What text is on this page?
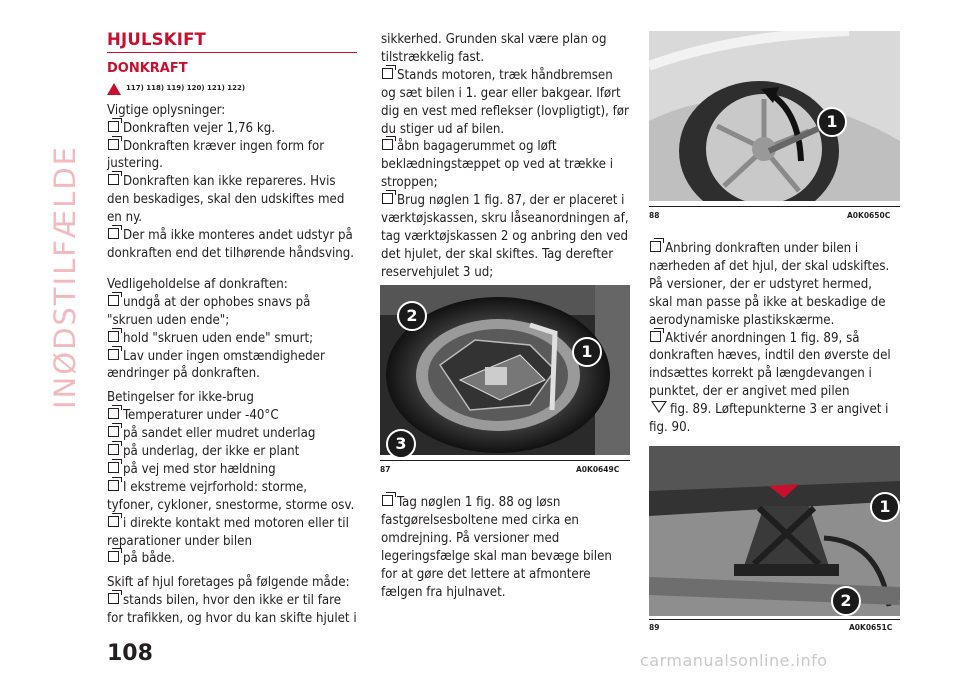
INØDSTILFÆLDE
HJULSKIFT
DONKRAFT
117) 118) 119) 120) 121) 122)

Vigtige oplysninger:

Donkraften vejer 1,76 kg.

Donkraften kræver ingen form for justering.

Donkraften kan ikke repareres. Hvis den beskadiges, skal den udskiftes med en ny.

Der må ikke monteres andet udstyr på donkraften end det tilhørende håndsving.

Vedligeholdelse af donkraften:

undgå at der ophobes snavs på "skruen uden ende";

hold "skruen uden ende" smurt;

Lav under ingen omstændigheder ændringer på donkraften.

Betingelser for ikke-brug

Temperaturer under -40°C

på sandet eller mudret underlag

på underlag, der ikke er plant

på vej med stor hældning

I ekstreme vejrforhold: storme, tyfoner, cykloner, snestorme, storme osv.

i direkte kontakt med motoren eller til reparationer under bilen

på både.

Skift af hjul foretages på følgende måde:

stands bilen, hvor den ikke er til fare for trafikken, og hvor du kan skifte hjulet i

sikkerhed. Grunden skal være plan og tilstrækkelig fast.

Stands motoren, træk håndbremsen og sæt bilen i 1. gear eller bakgear. Iført dig en vest med reflekser (lovpligtigt), før du stiger ud af bilen.

åbn bagagerummet og løft beklædningstæppet op ved at trække i stroppen;

Brug nøglen 1 fig. 87, der er placeret i værktøjskassen, skru låseanordningen af, tag værktøjskassen 2 og anbring den ved det hjulet, der skal skiftes. Tag derefter reservehjulet 3 ud;

Tag nøglen 1 fig. 88 og løsn fastgørelsesboltene med cirka en omdrejning. På versioner med legeringsfælge skal man bevæge bilen for at gøre det lettere at afmontere fælgen fra hjulnavet.

2
1
3
87	A0K0649C
1
88	A0K0650C

Anbring donkraften under bilen i nærheden af det hjul, der skal udskiftes. På versioner, der er udstyret hermed, skal man passe på ikke at beskadige de aerodynamiske plastikskærme.

Aktivér anordningen 1 fig. 89, så donkraften hæves, indtil den øverste del indsættes korrekt på længdevangen i punktet, der er angivet med pilen
fig. 89. Løftepunkterne 3 er angivet i fig. 90.

1
2
89	A0K0651C
108	carmanualsonline.info
